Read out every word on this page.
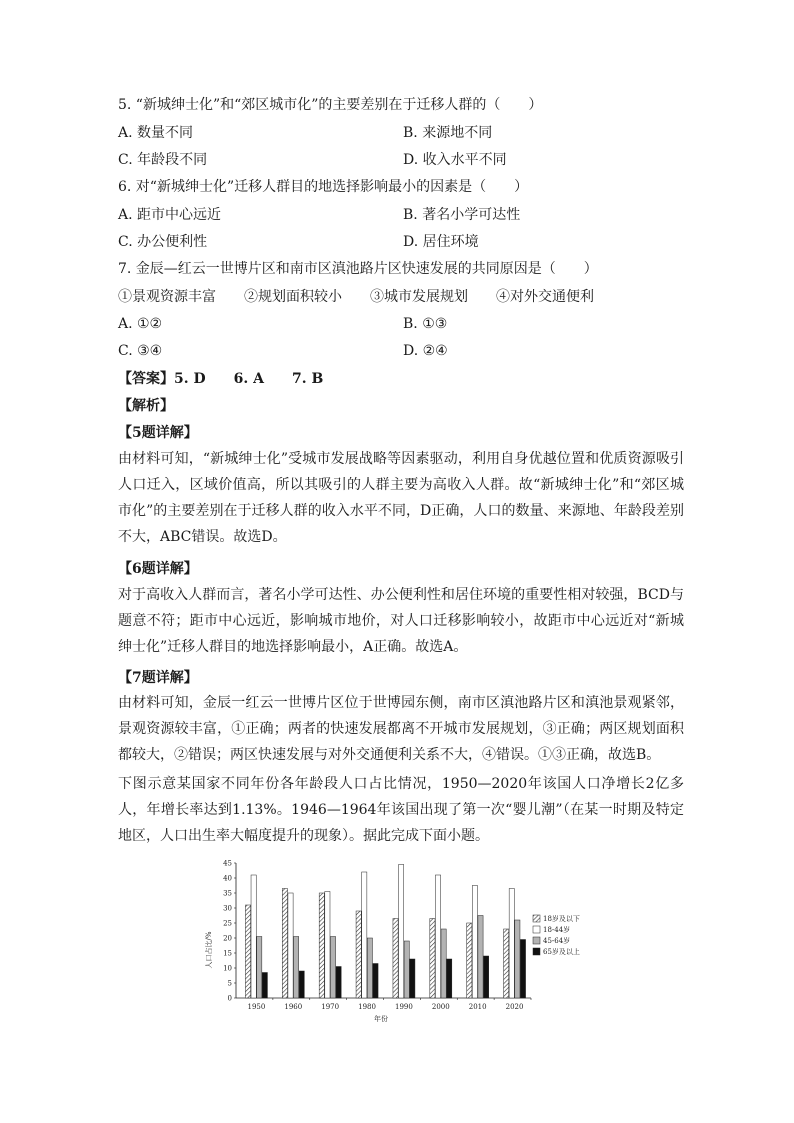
5. “新城绅士化”和“郊区城市化”的主要差别在于迁移人群的（　　）
A. 数量不同	B. 来源地不同
C. 年龄段不同	D. 收入水平不同
6. 对“新城绅士化”迁移人群目的地选择影响最小的因素是（　　）
A. 距市中心远近	B. 著名小学可达性
C. 办公便利性	D. 居住环境
7. 金辰—红云一世博片区和南市区滇池路片区快速发展的共同原因是（　　）
①景观资源丰富　　②规划面积较小　　③城市发展规划　　④对外交通便利
A. ①②	B. ①③
C. ③④	D. ②④
【答案】5. D　　6. A　　7. B
【解析】
【5题详解】
由材料可知，“新城绅士化”受城市发展战略等因素驱动，利用自身优越位置和优质资源吸引人口迁入，区域价值高，所以其吸引的人群主要为高收入人群。故“新城绅士化”和“郊区城市化”的主要差别在于迁移人群的收入水平不同，D正确，人口的数量、来源地、年龄段差别不大，ABC错误。故选D。
【6题详解】
对于高收入人群而言，著名小学可达性、办公便利性和居住环境的重要性相对较强，BCD与题意不符；距市中心远近，影响城市地价，对人口迁移影响较小，故距市中心远近对“新城绅士化”迁移人群目的地选择影响最小，A正确。故选A。
【7题详解】
由材料可知，金辰一红云一世博片区位于世博园东侧，南市区滇池路片区和滇池景观紧邻，景观资源较丰富，①正确；两者的快速发展都离不开城市发展规划，③正确；两区规划面积都较大，②错误；两区快速发展与对外交通便利关系不大，④错误。①③正确，故选B。
下图示意某国家不同年份各年龄段人口占比情况，1950—2020年该国人口净增长2亿多人，年增长率达到1.13%。1946—1964年该国出现了第一次“婴儿潮”（在某一时期及特定地区，人口出生率大幅度提升的现象）。据此完成下面小题。
0
5
10
15
20
25
30
35
40
45
1950	1960	1970	1980	1990	2000	2010	2020
18岁及以下
18-44岁
45-64岁
65岁及以上
人口占比/%
年份
